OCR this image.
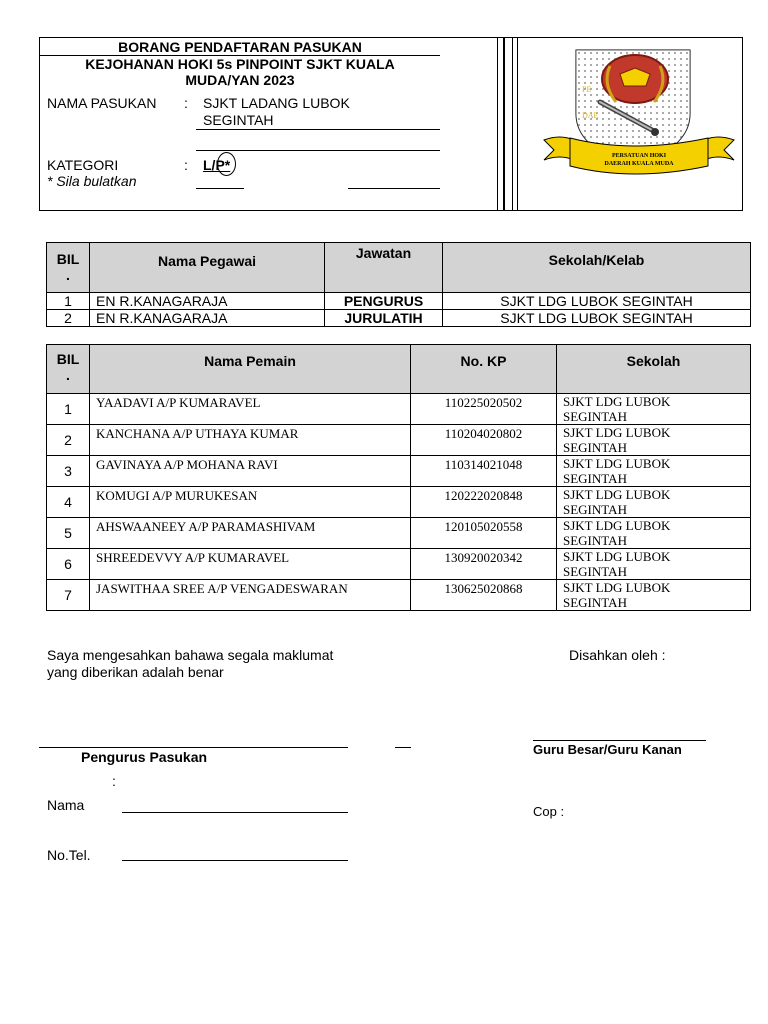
BORANG PENDAFTARAN PASUKAN
KEJOHANAN HOKI 5s PINPOINT SJKT KUALA
MUDA/YAN 2023
NAMA PASUKAN : SJKT LADANG LUBOK
SEGINTAH
KATEGORI	: L/P*
* Sila bulatkan
PE
DAE
PERSATUAN HOKI
DAERAH KUALA MUDA
BIL
.	Nama Pegawai	Jawatan	Sekolah/Kelab
1	EN R.KANAGARAJA	PENGURUS	SJKT LDG LUBOK SEGINTAH
2	EN R.KANAGARAJA	JURULATIH	SJKT LDG LUBOK SEGINTAH
BIL
.	Nama Pemain	No. KP	Sekolah
1	YAADAVI A/P KUMARAVEL	110225020502	SJKT LDG LUBOK
SEGINTAH

2	KANCHANA A/P UTHAYA KUMAR	110204020802	SJKT LDG LUBOK
SEGINTAH

3	GAVINAYA A/P MOHANA RAVI	110314021048	SJKT LDG LUBOK
SEGINTAH

4	KOMUGI A/P MURUKESAN	120222020848	SJKT LDG LUBOK
SEGINTAH

5	AHSWAANEEY A/P PARAMASHIVAM	120105020558	SJKT LDG LUBOK
SEGINTAH

6	SHREEDEVVY A/P KUMARAVEL	130920020342	SJKT LDG LUBOK
SEGINTAH

7	JASWITHAA SREE A/P VENGADESWARAN	130625020868	SJKT LDG LUBOK
SEGINTAH
Saya mengesahkan bahawa segala maklumat
yang diberikan adalah benar
Disahkan oleh :
Pengurus Pasukan
:
Guru Besar/Guru Kanan
Nama	Cop :
No.Tel.
